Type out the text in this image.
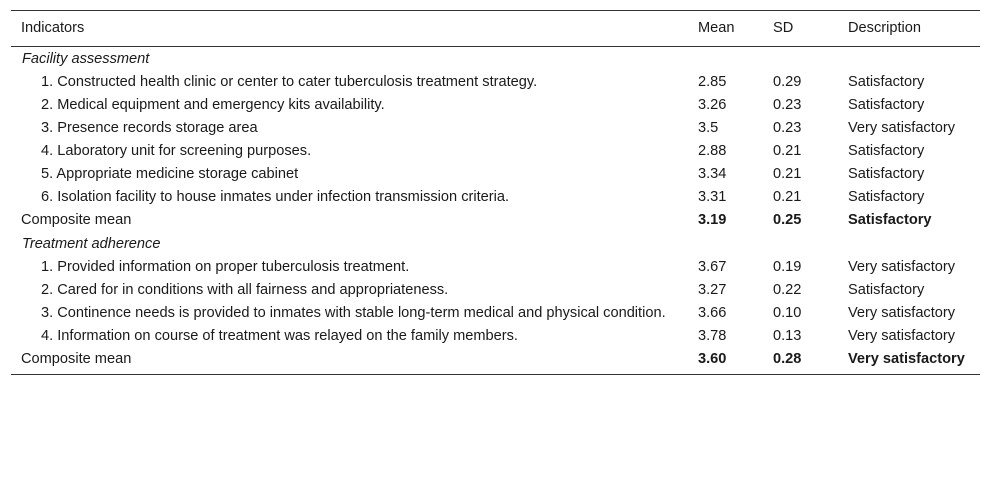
Indicators	Mean	SD	Description
Facility assessment			
1. Constructed health clinic or center to cater tuberculosis treatment strategy.	2.85	0.29	Satisfactory
2. Medical equipment and emergency kits availability.	3.26	0.23	Satisfactory
3. Presence records storage area	3.5	0.23	Very satisfactory
4. Laboratory unit for screening purposes.	2.88	0.21	Satisfactory
5. Appropriate medicine storage cabinet	3.34	0.21	Satisfactory
6. Isolation facility to house inmates under infection transmission criteria.	3.31	0.21	Satisfactory
Composite mean	3.19	0.25	Satisfactory
Treatment adherence			
1. Provided information on proper tuberculosis treatment.	3.67	0.19	Very satisfactory
2. Cared for in conditions with all fairness and appropriateness.	3.27	0.22	Satisfactory
3. Continence needs is provided to inmates with stable long-term medical and physical condition.	3.66	0.10	Very satisfactory
4. Information on course of treatment was relayed on the family members.	3.78	0.13	Very satisfactory
Composite mean	3.60	0.28	Very satisfactory
